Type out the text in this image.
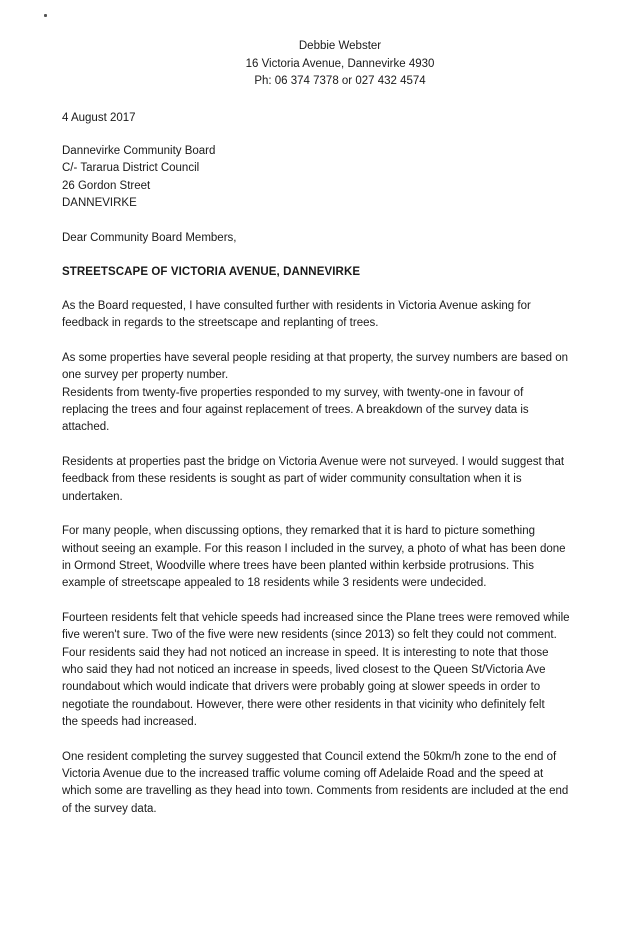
Debbie Webster
16 Victoria Avenue, Dannevirke 4930
Ph: 06 374 7378 or 027 432 4574
4 August 2017
Dannevirke Community Board
C/- Tararua District Council
26 Gordon Street
DANNEVIRKE
Dear Community Board Members,
STREETSCAPE OF VICTORIA AVENUE, DANNEVIRKE
As the Board requested, I have consulted further with residents in Victoria Avenue asking for
feedback in regards to the streetscape and replanting of trees.
As some properties have several people residing at that property, the survey numbers are based on
one survey per property number.
Residents from twenty-five properties responded to my survey, with twenty-one in favour of
replacing the trees and four against replacement of trees. A breakdown of the survey data is
attached.
Residents at properties past the bridge on Victoria Avenue were not surveyed. I would suggest that
feedback from these residents is sought as part of wider community consultation when it is
undertaken.
For many people, when discussing options, they remarked that it is hard to picture something
without seeing an example. For this reason I included in the survey, a photo of what has been done
in Ormond Street, Woodville where trees have been planted within kerbside protrusions. This
example of streetscape appealed to 18 residents while 3 residents were undecided.
Fourteen residents felt that vehicle speeds had increased since the Plane trees were removed while
five weren't sure. Two of the five were new residents (since 2013) so felt they could not comment.
Four residents said they had not noticed an increase in speed. It is interesting to note that those
who said they had not noticed an increase in speeds, lived closest to the Queen St/Victoria Ave
roundabout which would indicate that drivers were probably going at slower speeds in order to
negotiate the roundabout. However, there were other residents in that vicinity who definitely felt
the speeds had increased.
One resident completing the survey suggested that Council extend the 50km/h zone to the end of
Victoria Avenue due to the increased traffic volume coming off Adelaide Road and the speed at
which some are travelling as they head into town. Comments from residents are included at the end
of the survey data.
